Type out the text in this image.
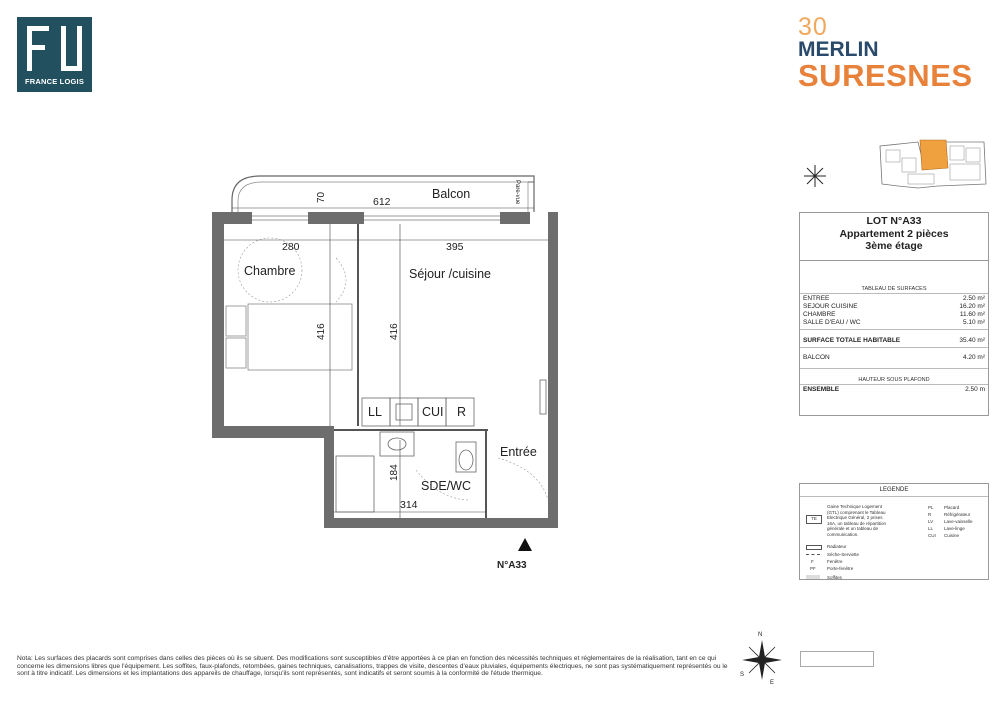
FRANCE LOGIS
30
MERLIN
SURESNES
Balcon
Chambre	Séjour /cuisine
Entrée
SDE/WC
LL	CUI R
612
280	395
314
70
416	416
184
Pare-vue
N°A33
LOT N°A33
Appartement 2 pièces
3ème étage
TABLEAU DE SURFACES
ENTREE	2.50 m²
SEJOUR CUISINE	16.20 m²
CHAMBRE	11.60 m²
SALLE D'EAU / WC	5.10 m²
SURFACE TOTALE HABITABLE	35.40 m²
BALCON	4.20 m²
HAUTEUR SOUS PLAFOND
ENSEMBLE	2.50 m
LEGENDE
TE
Gaine Technique Logement (GTL) comprenant le Tableau Electrique Général, 2 prises 16A, un tableau de répartition générale et un tableau de communication.
Radiateur
Sèche-Serviette
F	Fenêtre
PF Porte-fenêtre
Soffites
PL Placard
R	Réfrigérateur
LV Lave-vaisselle
LL Lave-linge
CUI Cuisine
N
S
E
Nota: Les surfaces des placards sont comprises dans celles des pièces où ils se situent. Des modifications sont susceptibles d'être apportées à ce plan en fonction des nécessités techniques et réglementaires de la réalisation, tant en ce qui concerne les dimensions libres que l'équipement. Les soffites, faux-plafonds, retombées, gaines techniques, canalisations, trappes de visite, descentes d'eaux pluviales, équipements électriques, ne sont pas systématiquement représentés ou le sont à titre indicatif. Les dimensions et les implantations des appareils de chauffage, lorsqu'ils sont représentés, sont indicatifs et seront soumis à la conformité de l'étude thermique.
